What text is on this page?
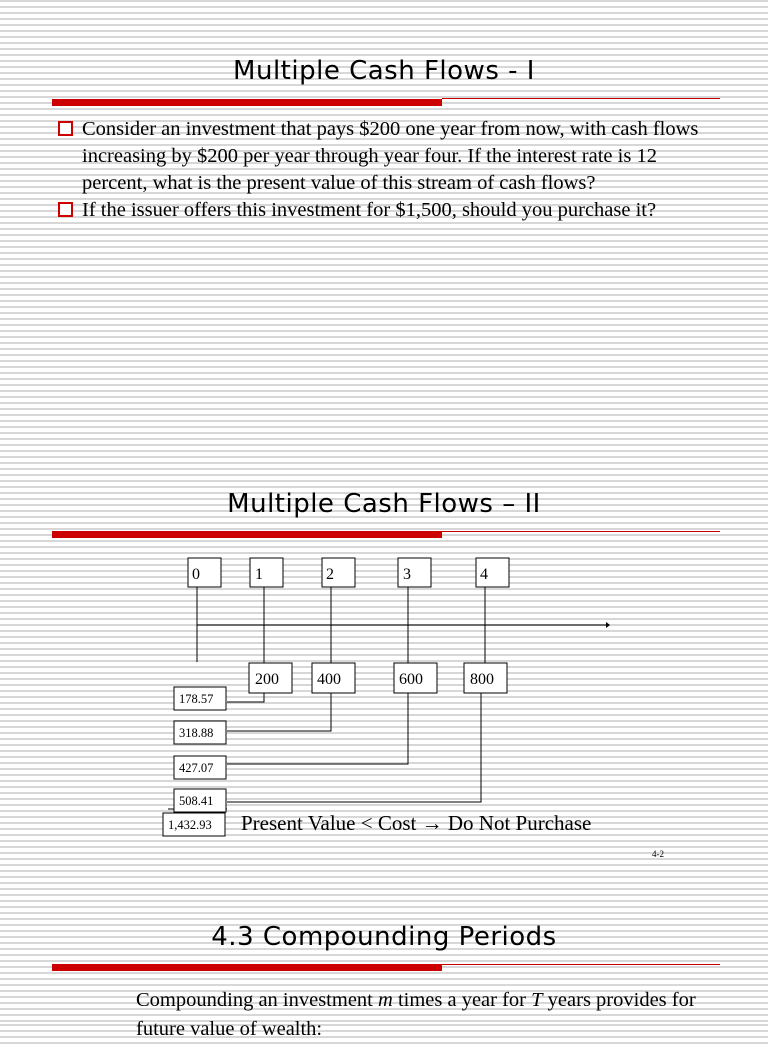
Multiple Cash Flows - I
Consider an investment that pays $200 one year from now, with cash flows increasing by $200 per year through year four. If the interest rate is 12 percent, what is the present value of this stream of cash flows?
If the issuer offers this investment for $1,500, should you purchase it?
Multiple Cash Flows – II
0	1	2	3	4
200 400	600	800
178.57
318.88
427.07
508.41
1,432.93 Present Value < Cost → Do Not Purchase
4-2
4.3 Compounding Periods
Compounding an investment m times a year for T years provides for future value of wealth:
